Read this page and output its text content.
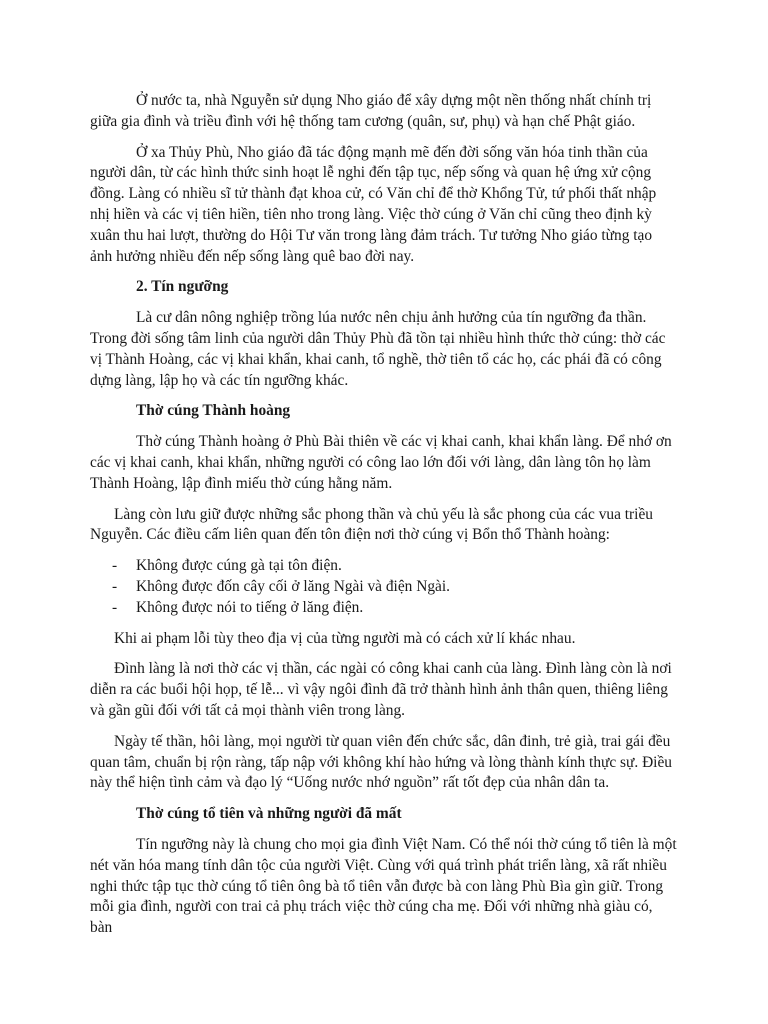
Ở nước ta, nhà Nguyễn sử dụng Nho giáo để xây dựng một nền thống nhất chính trị giữa gia đình và triều đình với hệ thống tam cương (quân, sư, phụ) và hạn chế Phật giáo.

Ở xa Thủy Phù, Nho giáo đã tác động mạnh mẽ đến đời sống văn hóa tinh thần của người dân, từ các hình thức sinh hoạt lễ nghi đến tập tục, nếp sống và quan hệ ứng xử cộng đồng. Làng có nhiều sĩ tử thành đạt khoa cử, có Văn chỉ để thờ Khổng Tử, tứ phối thất nhập nhị hiền và các vị tiên hiền, tiên nho trong làng. Việc thờ cúng ở Văn chỉ cũng theo định kỳ xuân thu hai lượt, thường do Hội Tư văn trong làng đảm trách. Tư tưởng Nho giáo từng tạo ảnh hưởng nhiều đến nếp sống làng quê bao đời nay.

2. Tín ngưỡng

Là cư dân nông nghiệp trồng lúa nước nên chịu ảnh hưởng của tín ngưỡng đa thần. Trong đời sống tâm linh của người dân Thủy Phù đã tồn tại nhiều hình thức thờ cúng: thờ các vị Thành Hoàng, các vị khai khẩn, khai canh, tổ nghề, thờ tiên tổ các họ, các phái đã có công dựng làng, lập họ và các tín ngưỡng khác.

Thờ cúng Thành hoàng

Thờ cúng Thành hoàng ở Phù Bài thiên về các vị khai canh, khai khẩn làng. Để nhớ ơn các vị khai canh, khai khẩn, những người có công lao lớn đối với làng, dân làng tôn họ làm Thành Hoàng, lập đình miếu thờ cúng hằng năm.

Làng còn lưu giữ được những sắc phong thần và chủ yếu là sắc phong của các vua triều Nguyễn. Các điều cấm liên quan đến tôn điện nơi thờ cúng vị Bổn thổ Thành hoàng:

- Không được cúng gà tại tôn điện.
- Không được đốn cây cối ở lăng Ngài và điện Ngài.
- Không được nói to tiếng ở lăng điện.

Khi ai phạm lỗi tùy theo địa vị của từng người mà có cách xử lí khác nhau.

Đình làng là nơi thờ các vị thần, các ngài có công khai canh của làng. Đình làng còn là nơi diễn ra các buổi hội họp, tế lễ... vì vậy ngôi đình đã trở thành hình ảnh thân quen, thiêng liêng và gần gũi đối với tất cả mọi thành viên trong làng.

Ngày tế thần, hôi làng, mọi người từ quan viên đến chức sắc, dân đinh, trẻ già, trai gái đều quan tâm, chuẩn bị rộn ràng, tấp nập với không khí hào hứng và lòng thành kính thực sự. Điều này thể hiện tình cảm và đạo lý “Uống nước nhớ nguồn” rất tốt đẹp của nhân dân ta.

Thờ cúng tổ tiên và những người đã mất

Tín ngưỡng này là chung cho mọi gia đình Việt Nam. Có thể nói thờ cúng tổ tiên là một nét văn hóa mang tính dân tộc của người Việt. Cùng với quá trình phát triển làng, xã rất nhiều nghi thức tập tục thờ cúng tổ tiên ông bà tổ tiên vẫn được bà con làng Phù Bìa gìn giữ. Trong mỗi gia đình, người con trai cả phụ trách việc thờ cúng cha mẹ. Đối với những nhà giàu có, bàn
